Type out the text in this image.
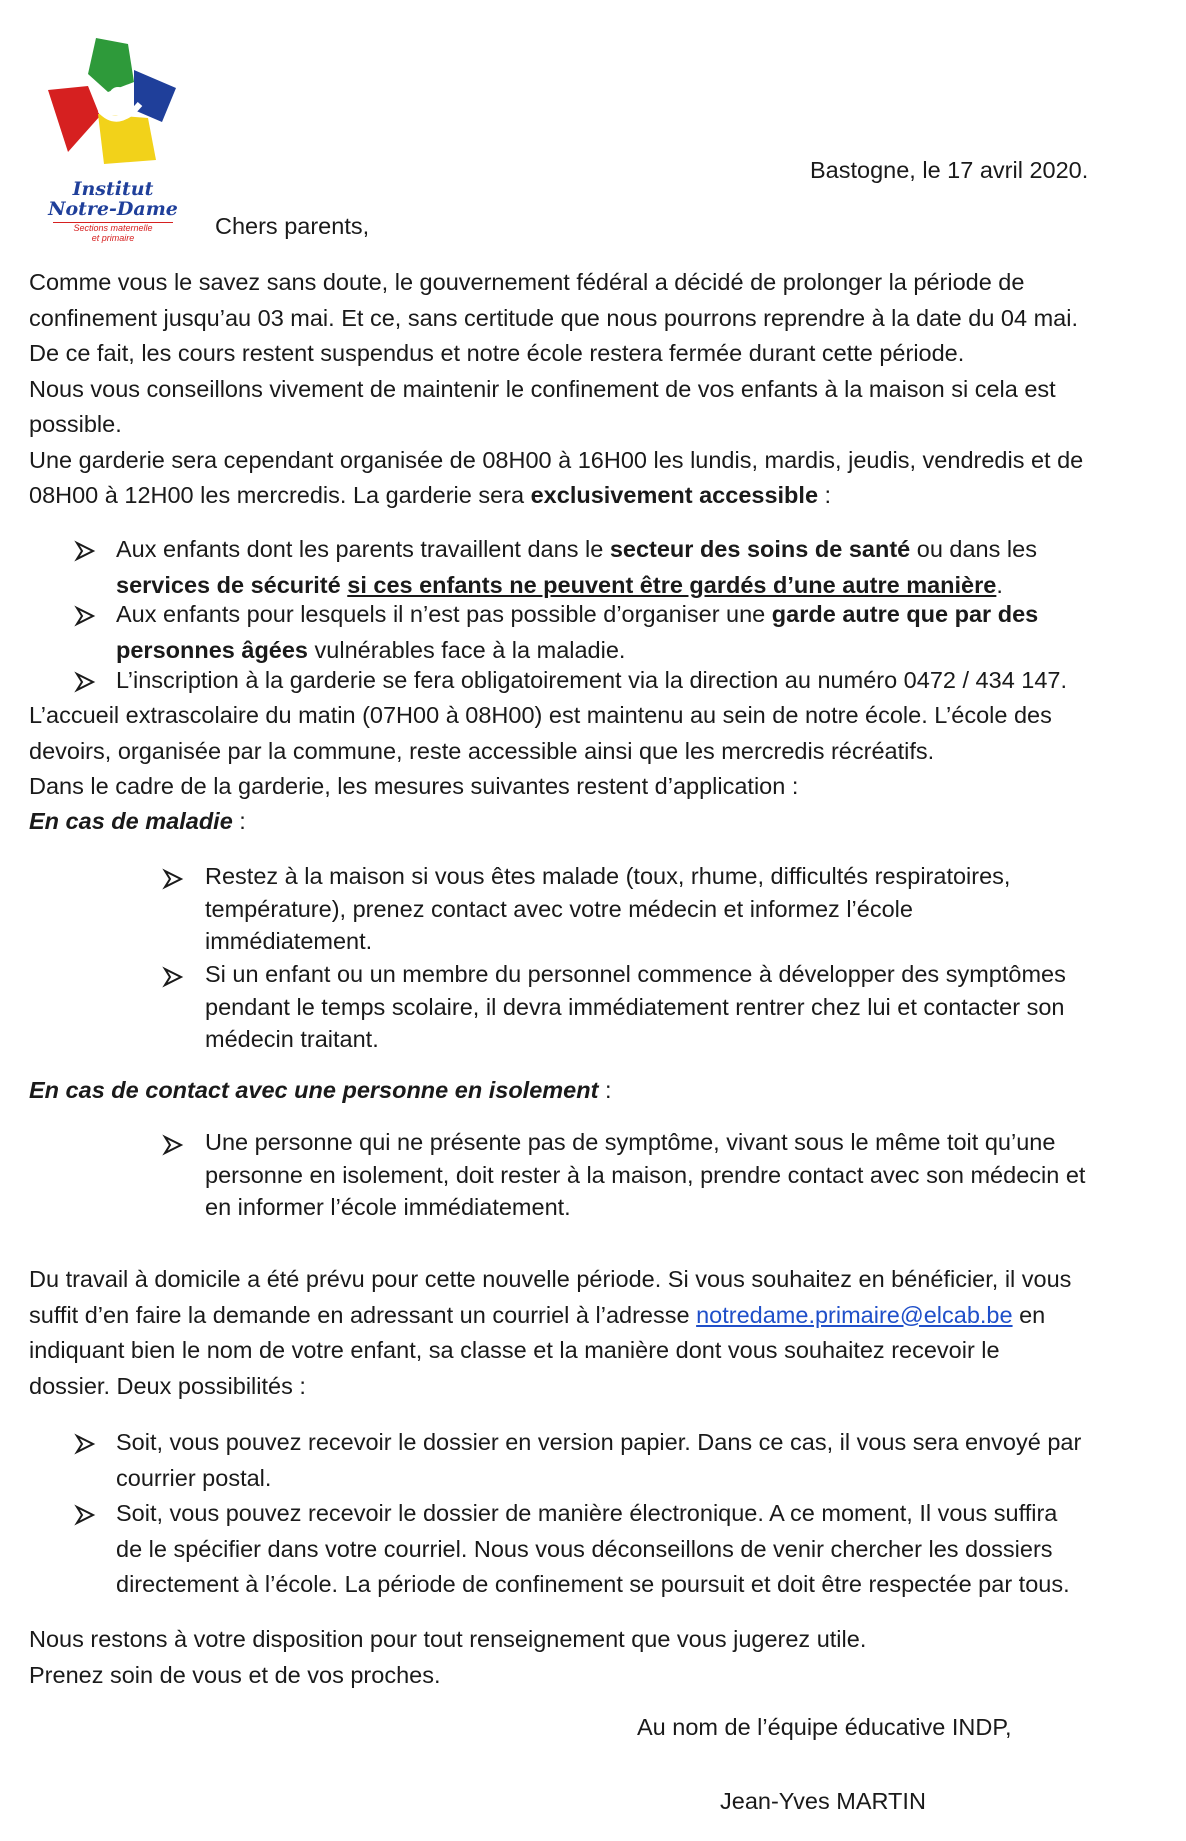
Institut
Notre-Dame
Sections maternelle
et primaire
Bastogne, le 17 avril 2020.
Chers parents,
Comme vous le savez sans doute, le gouvernement fédéral a décidé de prolonger la période de
confinement jusqu’au 03 mai. Et ce, sans certitude que nous pourrons reprendre à la date du 04 mai.
De ce fait, les cours restent suspendus et notre école restera fermée durant cette période.
Nous vous conseillons vivement de maintenir le confinement de vos enfants à la maison si cela est
possible.
Une garderie sera cependant organisée de 08H00 à 16H00 les lundis, mardis, jeudis, vendredis et de
08H00 à 12H00 les mercredis. La garderie sera exclusivement accessible :
Aux enfants dont les parents travaillent dans le secteur des soins de santé ou dans les
services de sécurité si ces enfants ne peuvent être gardés d’une autre manière.
Aux enfants pour lesquels il n’est pas possible d’organiser une garde autre que par des
personnes âgées vulnérables face à la maladie.
L’inscription à la garderie se fera obligatoirement via la direction au numéro 0472 / 434 147.
L’accueil extrascolaire du matin (07H00 à 08H00) est maintenu au sein de notre école. L’école des
devoirs, organisée par la commune, reste accessible ainsi que les mercredis récréatifs.
Dans le cadre de la garderie, les mesures suivantes restent d’application :
En cas de maladie :
Restez à la maison si vous êtes malade (toux, rhume, difficultés respiratoires,
température), prenez contact avec votre médecin et informez l’école
immédiatement.
Si un enfant ou un membre du personnel commence à développer des symptômes
pendant le temps scolaire, il devra immédiatement rentrer chez lui et contacter son
médecin traitant.
En cas de contact avec une personne en isolement :
Une personne qui ne présente pas de symptôme, vivant sous le même toit qu’une
personne en isolement, doit rester à la maison, prendre contact avec son médecin et
en informer l’école immédiatement.
Du travail à domicile a été prévu pour cette nouvelle période. Si vous souhaitez en bénéficier, il vous
suffit d’en faire la demande en adressant un courriel à l’adresse notredame.primaire@elcab.be en
indiquant bien le nom de votre enfant, sa classe et la manière dont vous souhaitez recevoir le
dossier. Deux possibilités :
Soit, vous pouvez recevoir le dossier en version papier. Dans ce cas, il vous sera envoyé par
courrier postal.
Soit, vous pouvez recevoir le dossier de manière électronique. A ce moment, Il vous suffira
de le spécifier dans votre courriel. Nous vous déconseillons de venir chercher les dossiers
directement à l’école. La période de confinement se poursuit et doit être respectée par tous.
Nous restons à votre disposition pour tout renseignement que vous jugerez utile.
Prenez soin de vous et de vos proches.
Au nom de l’équipe éducative INDP,
Jean-Yves MARTIN
